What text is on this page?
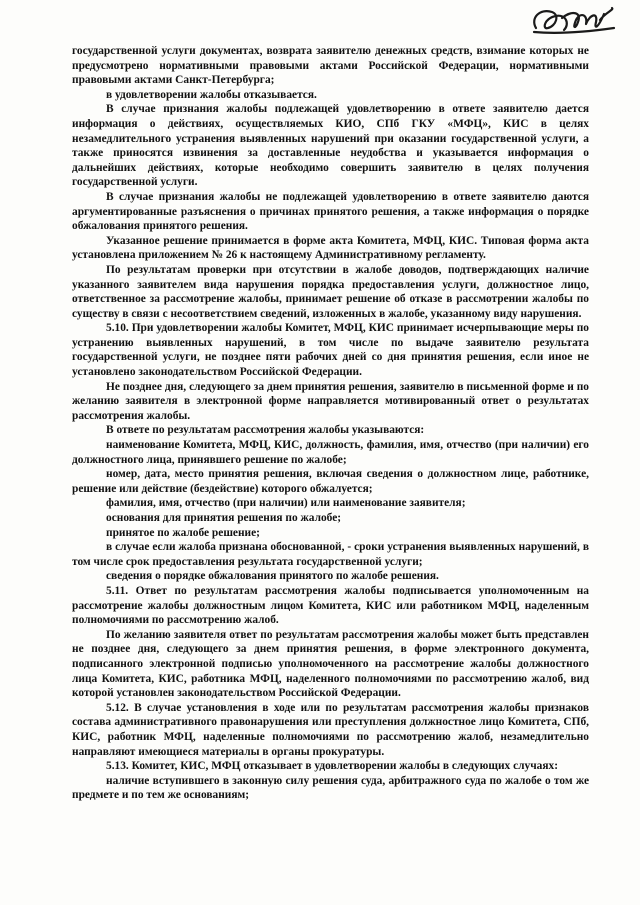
государственной услуги документах, возврата заявителю денежных средств, взимание которых не предусмотрено нормативными правовыми актами Российской Федерации, нормативными правовыми актами Санкт-Петербурга;

в удовлетворении жалобы отказывается.

В случае признания жалобы подлежащей удовлетворению в ответе заявителю дается информация о действиях, осуществляемых КИО, СПб ГКУ «МФЦ», КИС в целях незамедлительного устранения выявленных нарушений при оказании государственной услуги, а также приносятся извинения за доставленные неудобства и указывается информация о дальнейших действиях, которые необходимо совершить заявителю в целях получения государственной услуги.

В случае признания жалобы не подлежащей удовлетворению в ответе заявителю даются аргументированные разъяснения о причинах принятого решения, а также информация о порядке обжалования принятого решения.

Указанное решение принимается в форме акта Комитета, МФЦ, КИС. Типовая форма акта установлена приложением № 26 к настоящему Административному регламенту.

По результатам проверки при отсутствии в жалобе доводов, подтверждающих наличие указанного заявителем вида нарушения порядка предоставления услуги, должностное лицо, ответственное за рассмотрение жалобы, принимает решение об отказе в рассмотрении жалобы по существу в связи с несоответствием сведений, изложенных в жалобе, указанному виду нарушения.

5.10. При удовлетворении жалобы Комитет, МФЦ, КИС принимает исчерпывающие меры по устранению выявленных нарушений, в том числе по выдаче заявителю результата государственной услуги, не позднее пяти рабочих дней со дня принятия решения, если иное не установлено законодательством Российской Федерации.

Не позднее дня, следующего за днем принятия решения, заявителю в письменной форме и по желанию заявителя в электронной форме направляется мотивированный ответ о результатах рассмотрения жалобы.

В ответе по результатам рассмотрения жалобы указываются:

наименование Комитета, МФЦ, КИС, должность, фамилия, имя, отчество (при наличии) его должностного лица, принявшего решение по жалобе;

номер, дата, место принятия решения, включая сведения о должностном лице, работнике, решение или действие (бездействие) которого обжалуется;

фамилия, имя, отчество (при наличии) или наименование заявителя;

основания для принятия решения по жалобе;

принятое по жалобе решение;

в случае если жалоба признана обоснованной, - сроки устранения выявленных нарушений, в том числе срок предоставления результата государственной услуги;

сведения о порядке обжалования принятого по жалобе решения.

5.11. Ответ по результатам рассмотрения жалобы подписывается уполномоченным на рассмотрение жалобы должностным лицом Комитета, КИС или работником МФЦ, наделенным полномочиями по рассмотрению жалоб.

По желанию заявителя ответ по результатам рассмотрения жалобы может быть представлен не позднее дня, следующего за днем принятия решения, в форме электронного документа, подписанного электронной подписью уполномоченного на рассмотрение жалобы должностного лица Комитета, КИС, работника МФЦ, наделенного полномочиями по рассмотрению жалоб, вид которой установлен законодательством Российской Федерации.

5.12. В случае установления в ходе или по результатам рассмотрения жалобы признаков состава административного правонарушения или преступления должностное лицо Комитета, СПб, КИС, работник МФЦ, наделенные полномочиями по рассмотрению жалоб, незамедлительно направляют имеющиеся материалы в органы прокуратуры.

5.13. Комитет, КИС, МФЦ отказывает в удовлетворении жалобы в следующих случаях:

наличие вступившего в законную силу решения суда, арбитражного суда по жалобе о том же предмете и по тем же основаниям;
